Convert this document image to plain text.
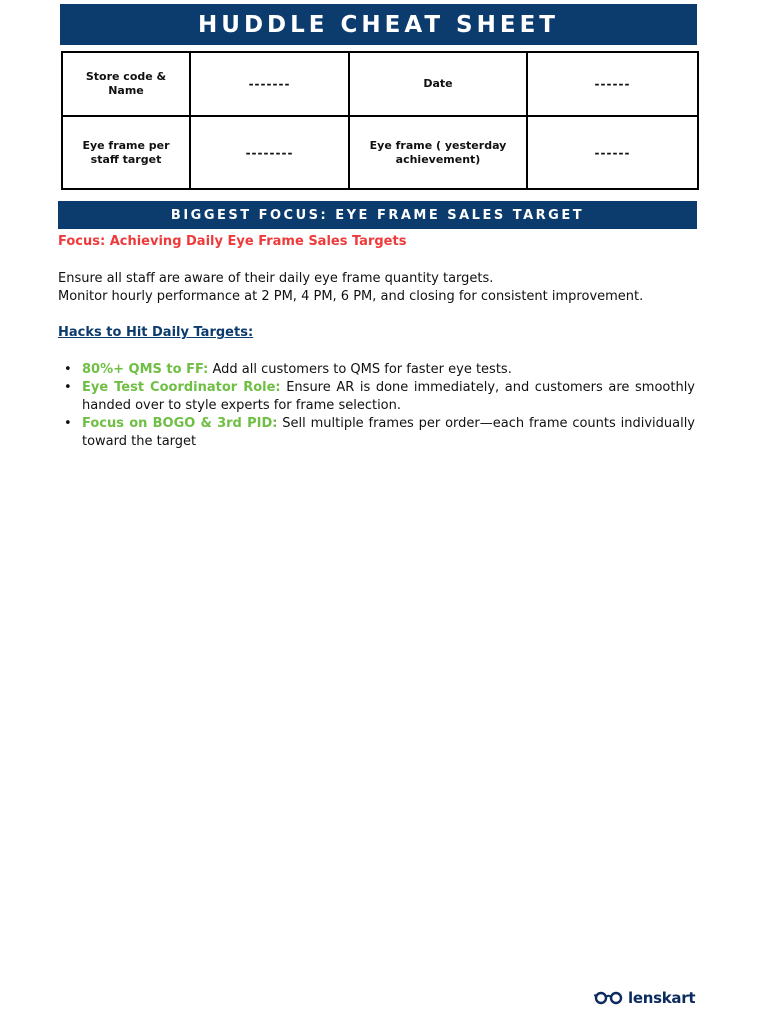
HUDDLE CHEAT SHEET
Store code & Name	-------	Date	------
Eye frame per staff target	--------	Eye frame ( yesterday achievement)	------
BIGGEST FOCUS: EYE FRAME SALES TARGET
Focus: Achieving Daily Eye Frame Sales Targets
Ensure all staff are aware of their daily eye frame quantity targets.
Monitor hourly performance at 2 PM, 4 PM, 6 PM, and closing for consistent improvement.
Hacks to Hit Daily Targets:
• 80%+ QMS to FF: Add all customers to QMS for faster eye tests.
• Eye Test Coordinator Role: Ensure AR is done immediately, and customers are smoothly handed over to style experts for frame selection.
• Focus on BOGO & 3rd PID: Sell multiple frames per order—each frame counts individually toward the target
lenskart
